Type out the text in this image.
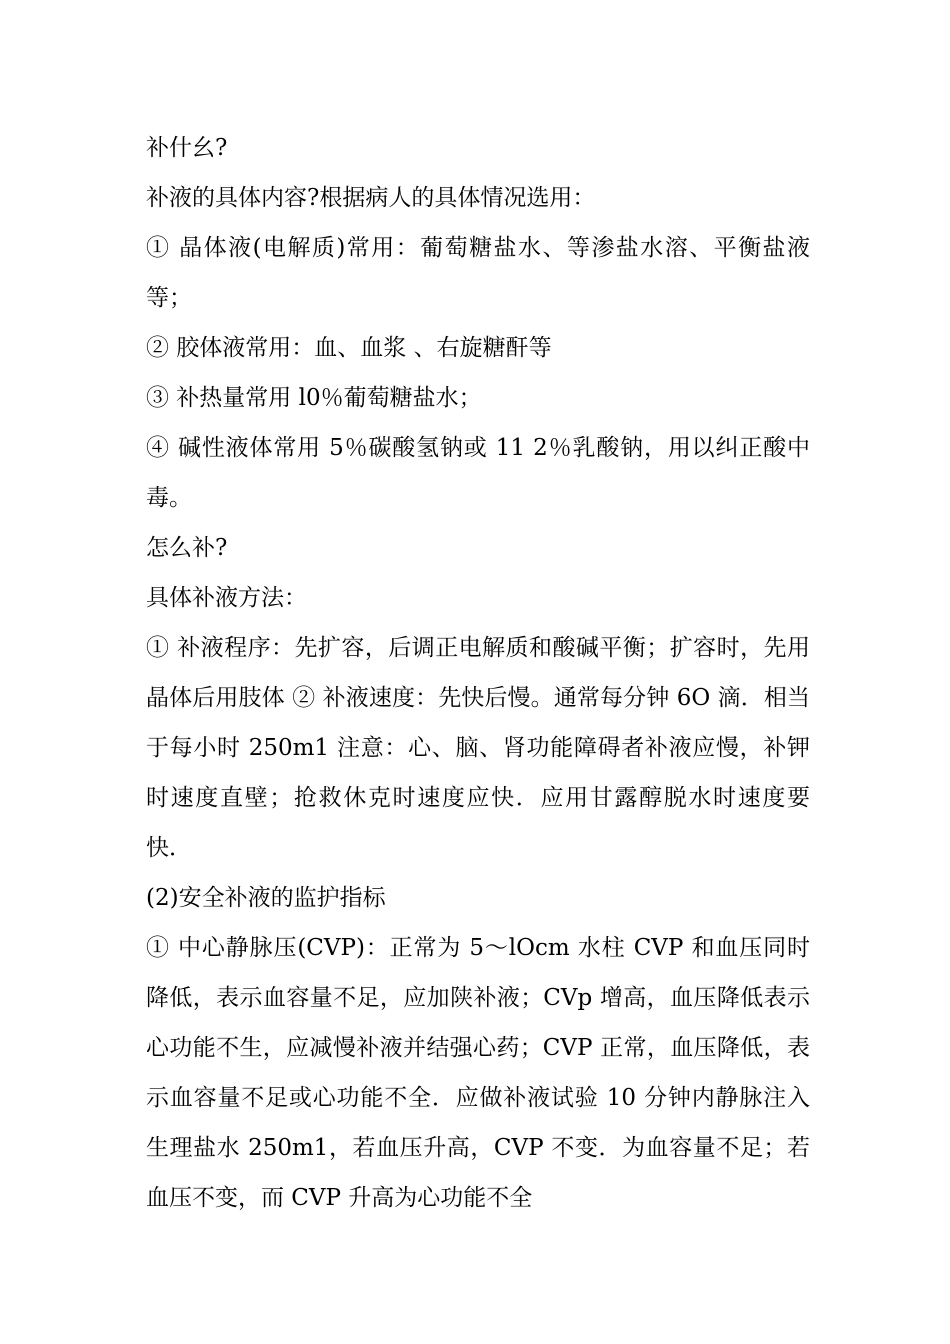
补什幺?

补液的具体内容?根据病人的具体情况选用：

① 晶体液(电解质)常用：葡萄糖盐水、等渗盐水溶、平衡盐液等；

② 胶体液常用：血、血浆 、右旋糖酐等

③ 补热量常用 l0％葡萄糖盐水；

④ 碱性液体常用 5％碳酸氢钠或 11 2％乳酸钠，用以纠正酸中毒。

怎么补?

具体补液方法：

① 补液程序：先扩容，后调正电解质和酸碱平衡；扩容时，先用晶体后用肢体 ② 补液速度：先快后慢。通常每分钟 6O 滴．相当于每小时 250m1 注意：心、脑、肾功能障碍者补液应慢，补钾时速度直壁；抢救休克时速度应快．应用甘露醇脱水时速度要快．

(2)安全补液的监护指标

① 中心静脉压(CVP)：正常为 5～lOcm 水柱 CVP 和血压同时降低，表示血容量不足，应加陕补液；CVp 增高，血压降低表示心功能不生，应减慢补液并结强心药；CVP 正常，血压降低，表示血容量不足或心功能不全．应做补液试验 10 分钟内静脉注入生理盐水 250m1，若血压升高，CVP 不变．为血容量不足；若血压不变，而 CVP 升高为心功能不全
